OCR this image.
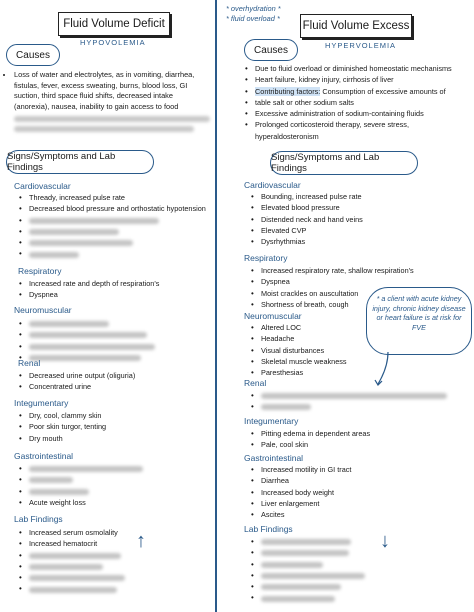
Fluid Volume Deficit
HYPOVOLEMIA
Causes
• Loss of water and electrolytes, as in vomiting, diarrhea, fistulas, fever, excess sweating, burns, blood loss, GI suction, third space fluid shifts, decreased intake (anorexia), nausea, inability to gain access to food
Signs/Symptoms and Lab Findings
Cardiovascular
• Thready, increased pulse rate
• Decreased blood pressure and orthostatic hypotension
•
•
•
•
Respiratory
• Increased rate and depth of respiration's
• Dyspnea
Neuromuscular
•
•
•
•
Renal
• Decreased urine output (oliguria)
• Concentrated urine
Integumentary
• Dry, cool, clammy skin
• Poor skin turgor, tenting
• Dry mouth
Gastrointestinal
•
•
•
• Acute weight loss
Lab Findings
• Increased serum osmolality
• Increased hematocrit
•
•
•
•	↑
* overhydration *
* fluid overload *
Fluid Volume Excess
HYPERVOLEMIA
Causes
• Due to fluid overload or diminished homeostatic mechanisms
• Heart failure, kidney injury, cirrhosis of liver
• Contributing factors: Consumption of excessive amounts of
• table salt or other sodium salts
• Excessive administration of sodium-containing fluids
• Prolonged corticosteroid therapy, severe stress, hyperaldosteronism
Signs/Symptoms and Lab Findings
Cardiovascular
• Bounding, increased pulse rate
• Elevated blood pressure
• Distended neck and hand veins
• Elevated CVP
• Dysrhythmias
Respiratory
• Increased respiratory rate, shallow respiration's
• Dyspnea
• Moist crackles on auscultation
• Shortness of breath, cough
Neuromuscular
• Altered LOC
• Headache
• Visual disturbances
• Skeletal muscle weakness
• Paresthesias
Renal
•
•
Integumentary
• Pitting edema in dependent areas
• Pale, cool skin
Gastrointestinal
• Increased motility in GI tract
• Diarrhea
• Increased body weight
• Liver enlargement
• Ascites
Lab Findings
•
•
•
•
•
•
* a client with acute kidney injury, chronic kidney disease or heart failure is at risk for FVE
↓
